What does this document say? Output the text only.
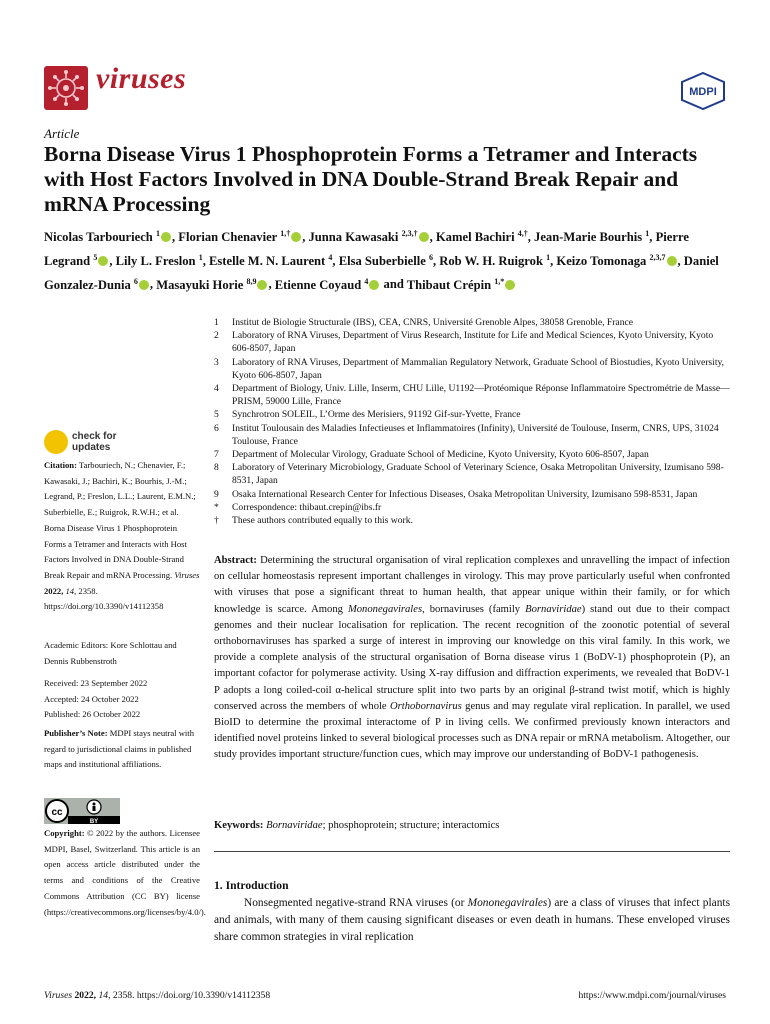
viruses	MDPI
Article
Borna Disease Virus 1 Phosphoprotein Forms a Tetramer and Interacts with Host Factors Involved in DNA Double-Strand Break Repair and mRNA Processing
Nicolas Tarbouriech $^1$ , Florian Chenavier $^{1,\dagger}$ , Junna Kawasaki $^{2,3,\dagger}$ , Kamel Bachiri $^{4,\dagger}$, Jean-Marie Bourhis $^1$, Pierre Legrand $^5$ , Lily L. Freslon $^1$, Estelle M. N. Laurent $^4$, Elsa Suberbielle $^6$, Rob W. H. Ruigrok $^1$, Keizo Tomonaga $^{2,3,7}$ , Daniel Gonzalez-Dunia $^6$ , Masayuki Horie $^{8,9}$ , Etienne Coyaud $^4$ and Thibaut Crépin $^{1,*}$
1	Institut de Biologie Structurale (IBS), CEA, CNRS, Université Grenoble Alpes, 38058 Grenoble, France
2	Laboratory of RNA Viruses, Department of Virus Research, Institute for Life and Medical Sciences, Kyoto University, Kyoto 606-8507, Japan
3	Laboratory of RNA Viruses, Department of Mammalian Regulatory Network, Graduate School of Biostudies, Kyoto University, Kyoto 606-8507, Japan
4	Department of Biology, Univ. Lille, Inserm, CHU Lille, U1192—Protéomique Réponse Inflammatoire Spectrométrie de Masse—PRISM, 59000 Lille, France
5	Synchrotron SOLEIL, L’Orme des Merisiers, 91192 Gif-sur-Yvette, France
6	Institut Toulousain des Maladies Infectieuses et Inflammatoires (Infinity), Université de Toulouse, Inserm, CNRS, UPS, 31024 Toulouse, France
7	Department of Molecular Virology, Graduate School of Medicine, Kyoto University, Kyoto 606-8507, Japan
8	Laboratory of Veterinary Microbiology, Graduate School of Veterinary Science, Osaka Metropolitan University, Izumisano 598-8531, Japan
9	Osaka International Research Center for Infectious Diseases, Osaka Metropolitan University, Izumisano 598-8531, Japan
*	Correspondence: thibaut.crepin@ibs.fr
†	These authors contributed equally to this work.
check for
updates
Citation: Tarbouriech, N.; Chenavier, F.; Kawasaki, J.; Bachiri, K.; Bourhis, J.-M.; Legrand, P.; Freslon, L.L.; Laurent, E.M.N.; Suberbielle, E.; Ruigrok, R.W.H.; et al. Borna Disease Virus 1 Phosphoprotein Forms a Tetramer and Interacts with Host Factors Involved in DNA Double-Strand Break Repair and mRNA Processing. Viruses 2022, 14, 2358. https://doi.org/10.3390/v14112358
Academic Editors: Kore Schlottau and Dennis Rubbenstroth
Received: 23 September 2022
Accepted: 24 October 2022
Published: 26 October 2022
Publisher’s Note: MDPI stays neutral with regard to jurisdictional claims in published maps and institutional affiliations.
cc
BY
Copyright: © 2022 by the authors. Licensee MDPI, Basel, Switzerland. This article is an open access article distributed under the terms and conditions of the Creative Commons Attribution (CC BY) license (https://creativecommons.org/licenses/by/4.0/).
Abstract: Determining the structural organisation of viral replication complexes and unravelling the impact of infection on cellular homeostasis represent important challenges in virology. This may prove particularly useful when confronted with viruses that pose a significant threat to human health, that appear unique within their family, or for which knowledge is scarce. Among Mononegavirales, bornaviruses (family Bornaviridae) stand out due to their compact genomes and their nuclear localisation for replication. The recent recognition of the zoonotic potential of several orthobornaviruses has sparked a surge of interest in improving our knowledge on this viral family. In this work, we provide a complete analysis of the structural organisation of Borna disease virus 1 (BoDV-1) phosphoprotein (P), an important cofactor for polymerase activity. Using X-ray diffusion and diffraction experiments, we revealed that BoDV-1 P adopts a long coiled-coil α-helical structure split into two parts by an original β-strand twist motif, which is highly conserved across the members of whole Orthobornavirus genus and may regulate viral replication. In parallel, we used BioID to determine the proximal interactome of P in living cells. We confirmed previously known interactors and identified novel proteins linked to several biological processes such as DNA repair or mRNA metabolism. Altogether, our study provides important structure/function cues, which may improve our understanding of BoDV-1 pathogenesis.
Keywords: Bornaviridae; phosphoprotein; structure; interactomics
1. Introduction
Nonsegmented negative-strand RNA viruses (or Mononegavirales) are a class of viruses that infect plants and animals, with many of them causing significant diseases or even death in humans. These enveloped viruses share common strategies in viral replication
Viruses 2022, 14, 2358. https://doi.org/10.3390/v14112358	https://www.mdpi.com/journal/viruses
